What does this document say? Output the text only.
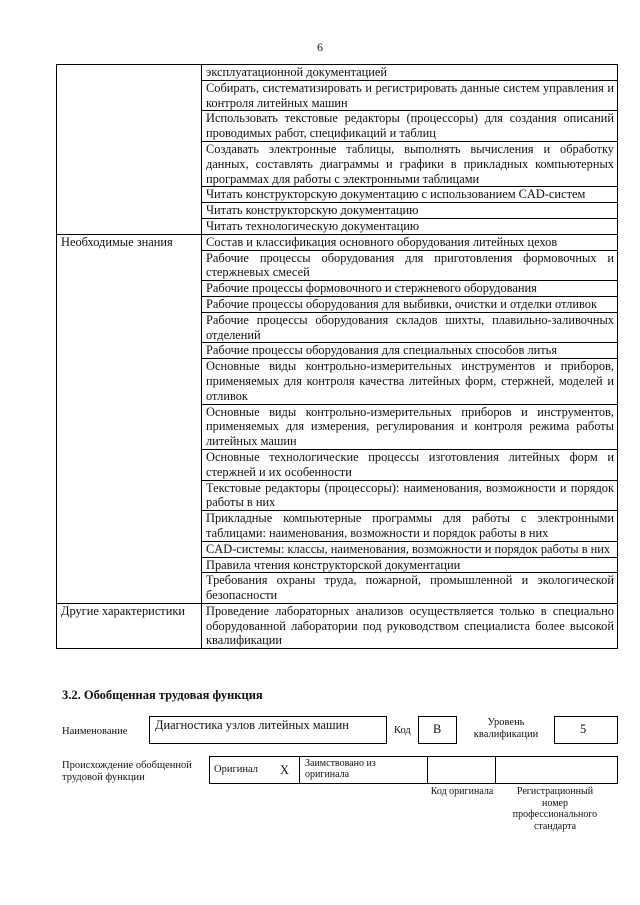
6
	эксплуатационной документацией
	Собирать, систематизировать и регистрировать данные систем управления и контроля литейных машин
	Использовать текстовые редакторы (процессоры) для создания описаний проводимых работ, спецификаций и таблиц
	Создавать электронные таблицы, выполнять вычисления и обработку данных, составлять диаграммы и графики в прикладных компьютерных программах для работы с электронными таблицами
	Читать конструкторскую документацию с использованием CAD-систем
	Читать конструкторскую документацию
	Читать технологическую документацию
Необходимые знания	Состав и классификация основного оборудования литейных цехов
	Рабочие процессы оборудования для приготовления формовочных и стержневых смесей
	Рабочие процессы формовочного и стержневого оборудования
	Рабочие процессы оборудования для выбивки, очистки и отделки отливок
	Рабочие процессы оборудования складов шихты, плавильно-заливочных отделений
	Рабочие процессы оборудования для специальных способов литья
	Основные виды контрольно-измерительных инструментов и приборов, применяемых для контроля качества литейных форм, стержней, моделей и отливок
	Основные виды контрольно-измерительных приборов и инструментов, применяемых для измерения, регулирования и контроля режима работы литейных машин
	Основные технологические процессы изготовления литейных форм и стержней и их особенности
	Текстовые редакторы (процессоры): наименования, возможности и порядок работы в них
	Прикладные компьютерные программы для работы с электронными таблицами: наименования, возможности и порядок работы в них
	CAD-системы: классы, наименования, возможности и порядок работы в них
	Правила чтения конструкторской документации
	Требования охраны труда, пожарной, промышленной и экологической безопасности
Другие характеристики	Проведение лабораторных анализов осуществляется только в специально оборудованной лаборатории под руководством специалиста более высокой квалификации
3.2. Обобщенная трудовая функция
Наименование Диагностика узлов литейных машин	Код B	Уровень квалификации	5
Происхождение обобщенной трудовой функции
Оригинал X Заимствовано из оригинала
Код оригинала	Регистрационный номер профессионального стандарта
